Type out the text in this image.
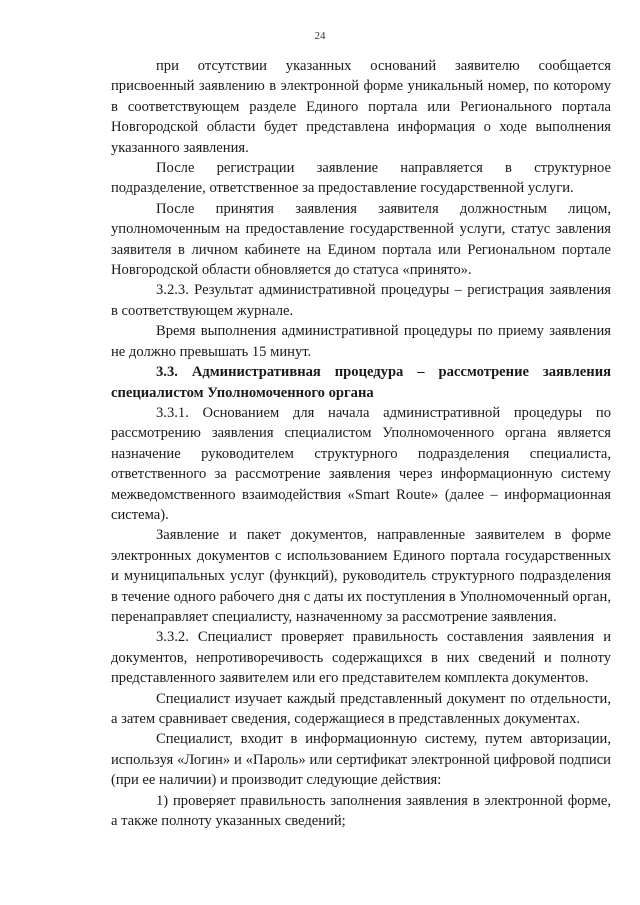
24

при отсутствии указанных оснований заявителю сообщается присвоенный заявлению в электронной форме уникальный номер, по которому в соответствующем разделе Единого портала или Регионального портала Новгородской области будет представлена информация о ходе выполнения указанного заявления.

После регистрации заявление направляется в структурное подразделение, ответственное за предоставление государственной услуги.

После принятия заявления заявителя должностным лицом, уполномоченным на предоставление государственной услуги, статус завления заявителя в личном кабинете на Едином портала или Региональном портале Новгородской области обновляется до статуса «принято».

3.2.3. Результат административной процедуры – регистрация заявления в соответствующем журнале.

Время выполнения административной процедуры по приему заявления не должно превышать 15 минут.

3.3. Административная процедура – рассмотрение заявления специалистом Уполномоченного органа

3.3.1. Основанием для начала административной процедуры по рассмотрению заявления специалистом Уполномоченного органа является назначение руководителем структурного подразделения специалиста, ответственного за рассмотрение заявления через информационную систему межведомственного взаимодействия «Smart Route» (далее – информационная система).

Заявление и пакет документов, направленные заявителем в форме электронных документов с использованием Единого портала государственных и муниципальных услуг (функций), руководитель структурного подразделения в течение одного рабочего дня с даты их поступления в Уполномоченный орган, перенаправляет специалисту, назначенному за рассмотрение заявления.

3.3.2. Специалист проверяет правильность составления заявления и документов, непротиворечивость содержащихся в них сведений и полноту представленного заявителем или его представителем комплекта документов.

Специалист изучает каждый представленный документ по отдельности, а затем сравнивает сведения, содержащиеся в представленных документах.

Специалист, входит в информационную систему, путем авторизации, используя «Логин» и «Пароль» или сертификат электронной цифровой подписи (при ее наличии) и производит следующие действия:

1) проверяет правильность заполнения заявления в электронной форме, а также полноту указанных сведений;
